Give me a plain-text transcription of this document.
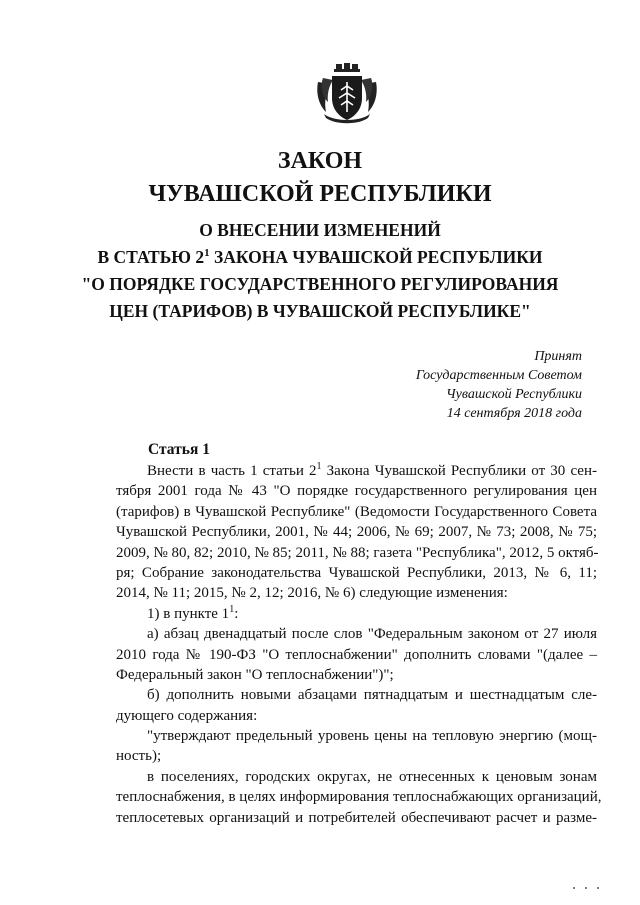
ЗАКОН
ЧУВАШСКОЙ РЕСПУБЛИКИ
О ВНЕСЕНИИ ИЗМЕНЕНИЙ
В СТАТЬЮ $2^1$ ЗАКОНА ЧУВАШСКОЙ РЕСПУБЛИКИ
"О ПОРЯДКЕ ГОСУДАРСТВЕННОГО РЕГУЛИРОВАНИЯ
ЦЕН (ТАРИФОВ) В ЧУВАШСКОЙ РЕСПУБЛИКЕ"
Принят
Государственным Советом
Чувашской Республики
14 сентября 2018 года
Статья 1
Внести в часть 1 статьи $2^1$ Закона Чувашской Республики от 30 сен-
тября 2001 года № 43 "О порядке государственного регулирования цен
(тарифов) в Чувашской Республике" (Ведомости Государственного Совета
Чувашской Республики, 2001, № 44; 2006, № 69; 2007, № 73; 2008, № 75;
2009, № 80, 82; 2010, № 85; 2011, № 88; газета "Республика", 2012, 5 октяб-
ря; Собрание законодательства Чувашской Республики, 2013, № 6, 11;
2014, № 11; 2015, № 2, 12; 2016, № 6) следующие изменения:
1) в пункте $1^1$:
а) абзац двенадцатый после слов "Федеральным законом от 27 июля
2010 года № 190-ФЗ "О теплоснабжении" дополнить словами "(далее –
Федеральный закон "О теплоснабжении")";
б) дополнить новыми абзацами пятнадцатым и шестнадцатым сле-
дующего содержания:
"утверждают предельный уровень цены на тепловую энергию (мощ-
ность);
в поселениях, городских округах, не отнесенных к ценовым зонам
теплоснабжения, в целях информирования теплоснабжающих организаций,
теплосетевых организаций и потребителей обеспечивают расчет и разме-
